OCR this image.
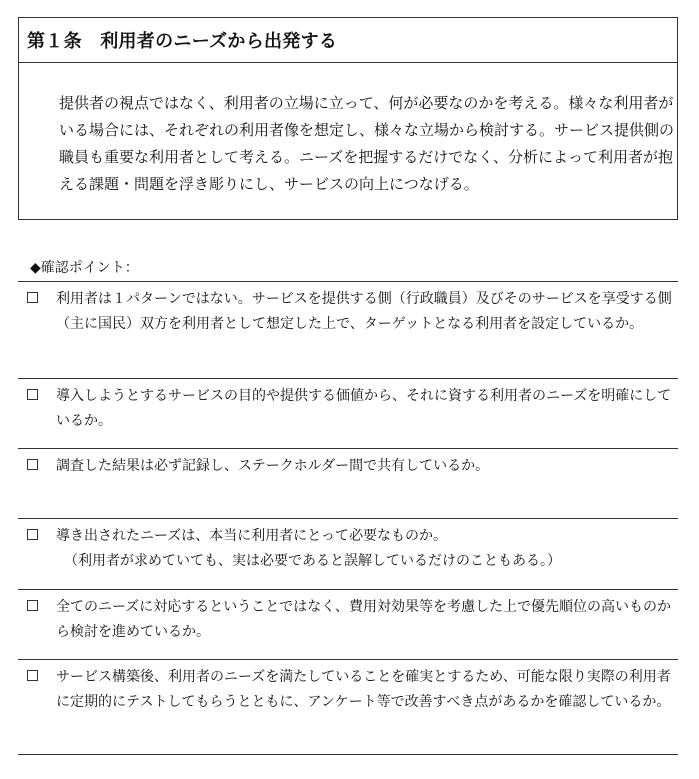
第１条　利用者のニーズから出発する
提供者の視点ではなく、利用者の立場に立って、何が必要なのかを考える。様々な利用者がいる場合には、それぞれの利用者像を想定し、様々な立場から検討する。サービス提供側の職員も重要な利用者として考える。ニーズを把握するだけでなく、分析によって利用者が抱える課題・問題を浮き彫りにし、サービスの向上につなげる。
◆確認ポイント：
利用者は１パターンではない。サービスを提供する側（行政職員）及びそのサービスを享受する側（主に国民）双方を利用者として想定した上で、ターゲットとなる利用者を設定しているか。
導入しようとするサービスの目的や提供する価値から、それに資する利用者のニーズを明確にしているか。
調査した結果は必ず記録し、ステークホルダー間で共有しているか。
導き出されたニーズは、本当に利用者にとって必要なものか。
（利用者が求めていても、実は必要であると誤解しているだけのこともある。）
全てのニーズに対応するということではなく、費用対効果等を考慮した上で優先順位の高いものから検討を進めているか。
サービス構築後、利用者のニーズを満たしていることを確実とするため、可能な限り実際の利用者に定期的にテストしてもらうとともに、アンケート等で改善すべき点があるかを確認しているか。
